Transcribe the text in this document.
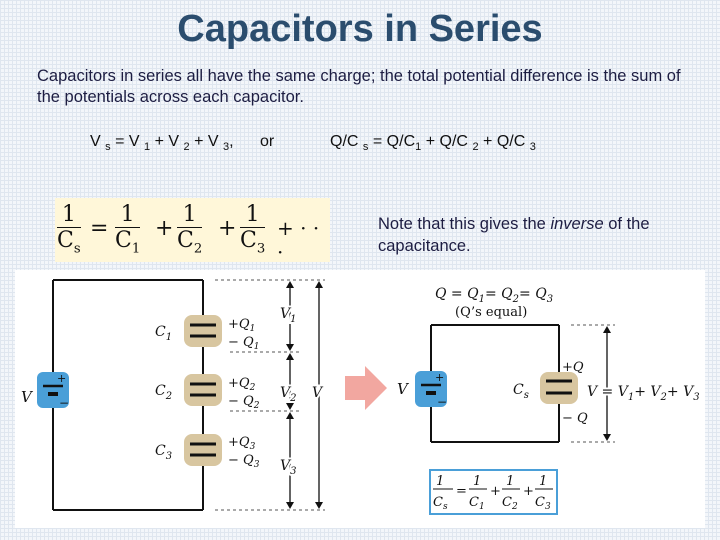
Capacitors in Series
Capacitors in series all have the same charge; the total potential difference is the sum of the potentials across each capacitor.
V $_s$ = V $_1$ + V $_2$ + V $_3$, or	Q/C $_s = Q/C_1 + Q/C$ $_2$ + Q/C $_3$
$\frac{1}{C_s} = \frac{1}{C_1} + \frac{1}{C_2} + \frac{1}{C_3}$ + · · ·
Note that this gives the inverse of the capacitance.
+
−
V
$C_1$
$C_2$
$C_3$
$+Q_1$
− $Q_1$
$+Q_2$
− $Q_2$
$+Q_3$
− $Q_3$
$V_1$
$V_2$
$V_3$
V
$Q = Q_1= Q_2= Q_3$
(Q’s equal)
+
−
V	$C_s$
+Q
− Q
$V = V_1+ V_2+ V_3$
1
$C_s$
=
1
$C_1$
+
1
$C_2$
+
1
$C_3$
